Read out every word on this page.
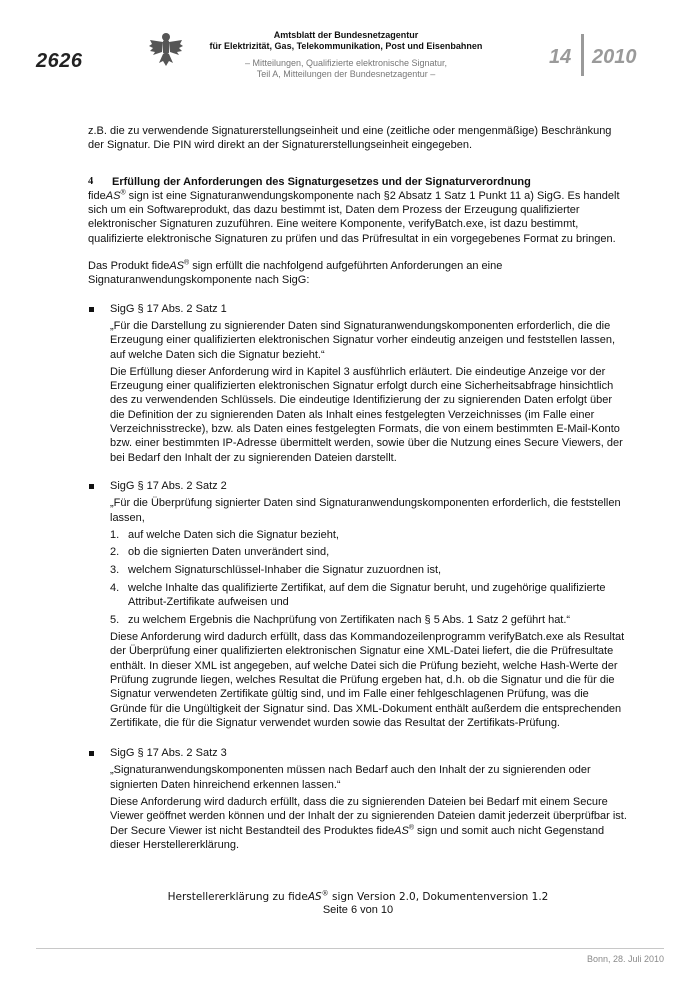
2626
Amtsblatt der Bundesnetzagentur
für Elektrizität, Gas, Telekommunikation, Post und Eisenbahnen
– Mitteilungen, Qualifizierte elektronische Signatur,
Teil A, Mitteilungen der Bundesnetzagentur –
14 2010

z.B. die zu verwendende Signaturerstellungseinheit und eine (zeitliche oder mengenmäßige) Beschränkung der Signatur. Die PIN wird direkt an der Signaturerstellungseinheit eingegeben.

4	Erfüllung der Anforderungen des Signaturgesetzes und der Signaturverordnung

fideAS® sign ist eine Signaturanwendungskomponente nach §2 Absatz 1 Satz 1 Punkt 11 a) SigG. Es handelt sich um ein Softwareprodukt, das dazu bestimmt ist, Daten dem Prozess der Erzeugung qualifizierter elektronischer Signaturen zuzuführen. Eine weitere Komponente, verifyBatch.exe, ist dazu bestimmt, qualifizierte elektronische Signaturen zu prüfen und das Prüfresultat in ein vorgegebenes Format zu bringen.

Das Produkt fideAS® sign erfüllt die nachfolgend aufgeführten Anforderungen an eine Signaturanwendungskomponente nach SigG:

SigG § 17 Abs. 2 Satz 1

„Für die Darstellung zu signierender Daten sind Signaturanwendungskomponenten erforderlich, die die Erzeugung einer qualifizierten elektronischen Signatur vorher eindeutig anzeigen und feststellen lassen, auf welche Daten sich die Signatur bezieht.“

Die Erfüllung dieser Anforderung wird in Kapitel 3 ausführlich erläutert. Die eindeutige Anzeige vor der Erzeugung einer qualifizierten elektronischen Signatur erfolgt durch eine Sicherheitsabfrage hinsichtlich des zu verwendenden Schlüssels. Die eindeutige Identifizierung der zu signierenden Daten erfolgt über die Definition der zu signierenden Daten als Inhalt eines festgelegten Verzeichnisses (im Falle einer Verzeichnisstrecke), bzw. als Daten eines festgelegten Formats, die von einem bestimmten E-Mail-Konto bzw. einer bestimmten IP-Adresse übermittelt werden, sowie über die Nutzung eines Secure Viewers, der bei Bedarf den Inhalt der zu signierenden Dateien darstellt.

SigG § 17 Abs. 2 Satz 2

„Für die Überprüfung signierter Daten sind Signaturanwendungskomponenten erforderlich, die feststellen lassen,

1. auf welche Daten sich die Signatur bezieht,
2. ob die signierten Daten unverändert sind,
3. welchem Signaturschlüssel-Inhaber die Signatur zuzuordnen ist,
4. welche Inhalte das qualifizierte Zertifikat, auf dem die Signatur beruht, und zugehörige qualifizierte Attribut-Zertifikate aufweisen und
5. zu welchem Ergebnis die Nachprüfung von Zertifikaten nach § 5 Abs. 1 Satz 2 geführt hat.“

Diese Anforderung wird dadurch erfüllt, dass das Kommandozeilenprogramm verifyBatch.exe als Resultat der Überprüfung einer qualifizierten elektronischen Signatur eine XML-Datei liefert, die die Prüfresultate enthält. In dieser XML ist angegeben, auf welche Datei sich die Prüfung bezieht, welche Hash-Werte der Prüfung zugrunde liegen, welches Resultat die Prüfung ergeben hat, d.h. ob die Signatur und die für die Signatur verwendeten Zertifikate gültig sind, und im Falle einer fehlgeschlagenen Prüfung, was die Gründe für die Ungültigkeit der Signatur sind. Das XML-Dokument enthält außerdem die entsprechenden Zertifikate, die für die Signatur verwendet wurden sowie das Resultat der Zertifikats-Prüfung.

SigG § 17 Abs. 2 Satz 3

„Signaturanwendungskomponenten müssen nach Bedarf auch den Inhalt der zu signierenden oder signierten Daten hinreichend erkennen lassen.“

Diese Anforderung wird dadurch erfüllt, dass die zu signierenden Dateien bei Bedarf mit einem Secure Viewer geöffnet werden können und der Inhalt der zu signierenden Dateien damit jederzeit überprüfbar ist. Der Secure Viewer ist nicht Bestandteil des Produktes fideAS® sign und somit auch nicht Gegenstand dieser Herstellererklärung.

Herstellererklärung zu fideAS® sign Version 2.0, Dokumentenversion 1.2
Seite 6 von 10
Bonn, 28. Juli 2010
